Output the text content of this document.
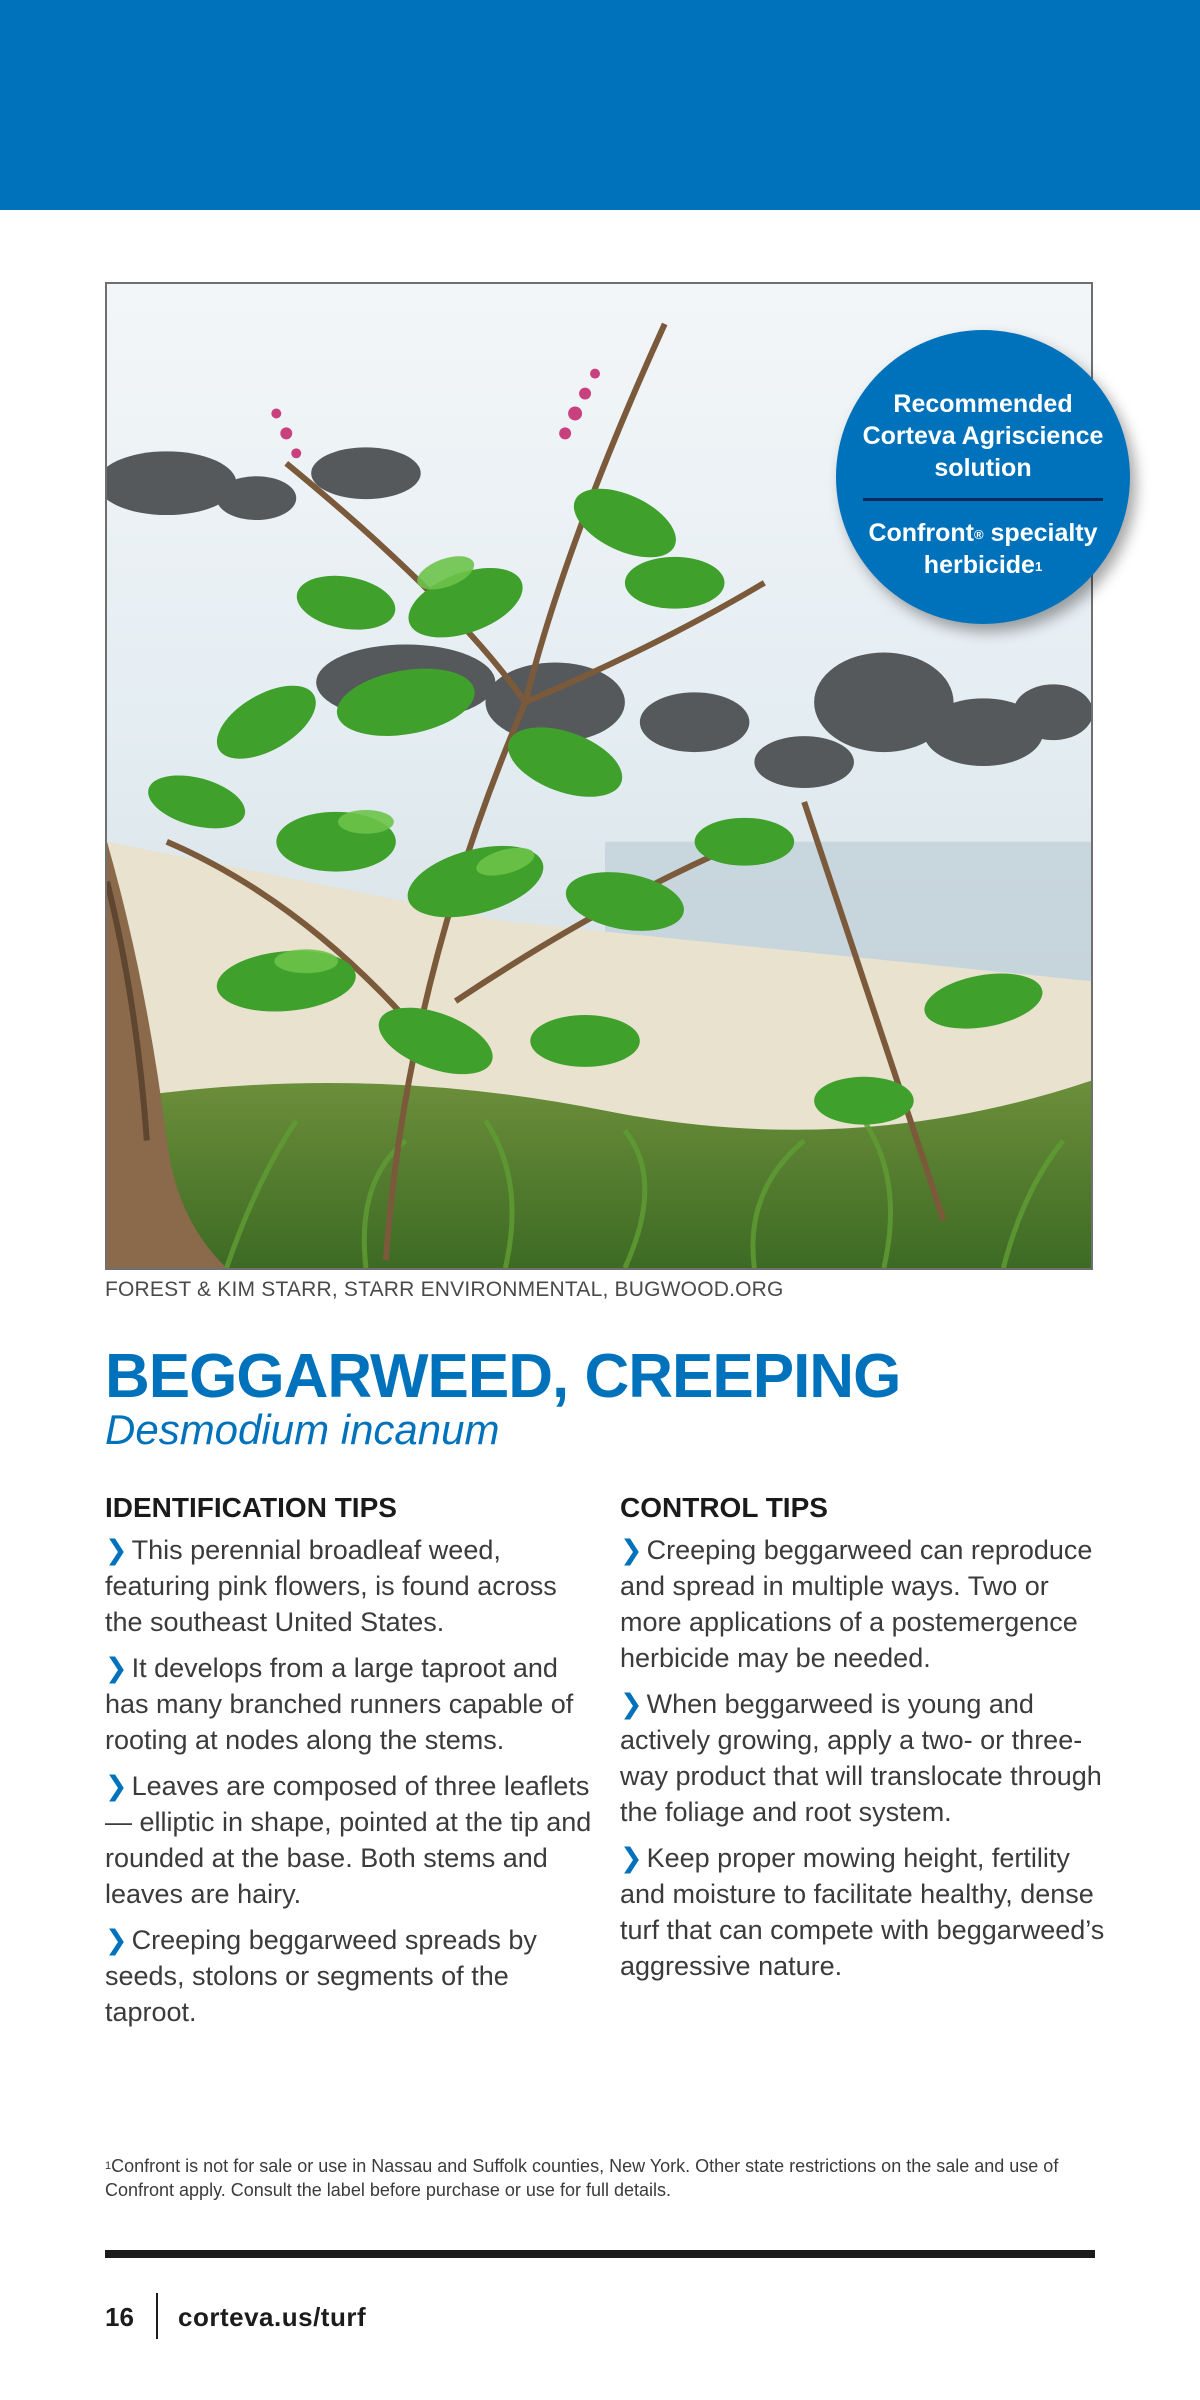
Recommended
Corteva Agriscience
solution
Confront® specialty
herbicide$^1$
FOREST & KIM STARR, STARR ENVIRONMENTAL, BUGWOOD.ORG
BEGGARWEED, CREEPING
Desmodium incanum
IDENTIFICATION TIPS

❯ This perennial broadleaf weed, featuring pink flowers, is found across the southeast United States.

❯ It develops from a large taproot and has many branched runners capable of rooting at nodes along the stems.

❯ Leaves are composed of three leaflets — elliptic in shape, pointed at the tip and rounded at the base. Both stems and leaves are hairy.

❯ Creeping beggarweed spreads by seeds, stolons or segments of the taproot.

CONTROL TIPS

❯ Creeping beggarweed can reproduce and spread in multiple ways. Two or more applications of a postemergence herbicide may be needed.

❯ When beggarweed is young and actively growing, apply a two- or three-way product that will translocate through the foliage and root system.

❯ Keep proper mowing height, fertility and moisture to facilitate healthy, dense turf that can compete with beggarweed’s aggressive nature.

$^1$Confront is not for sale or use in Nassau and Suffolk counties, New York. Other state restrictions on the sale and use of Confront apply. Consult the label before purchase or use for full details.
16 corteva.us/turf
